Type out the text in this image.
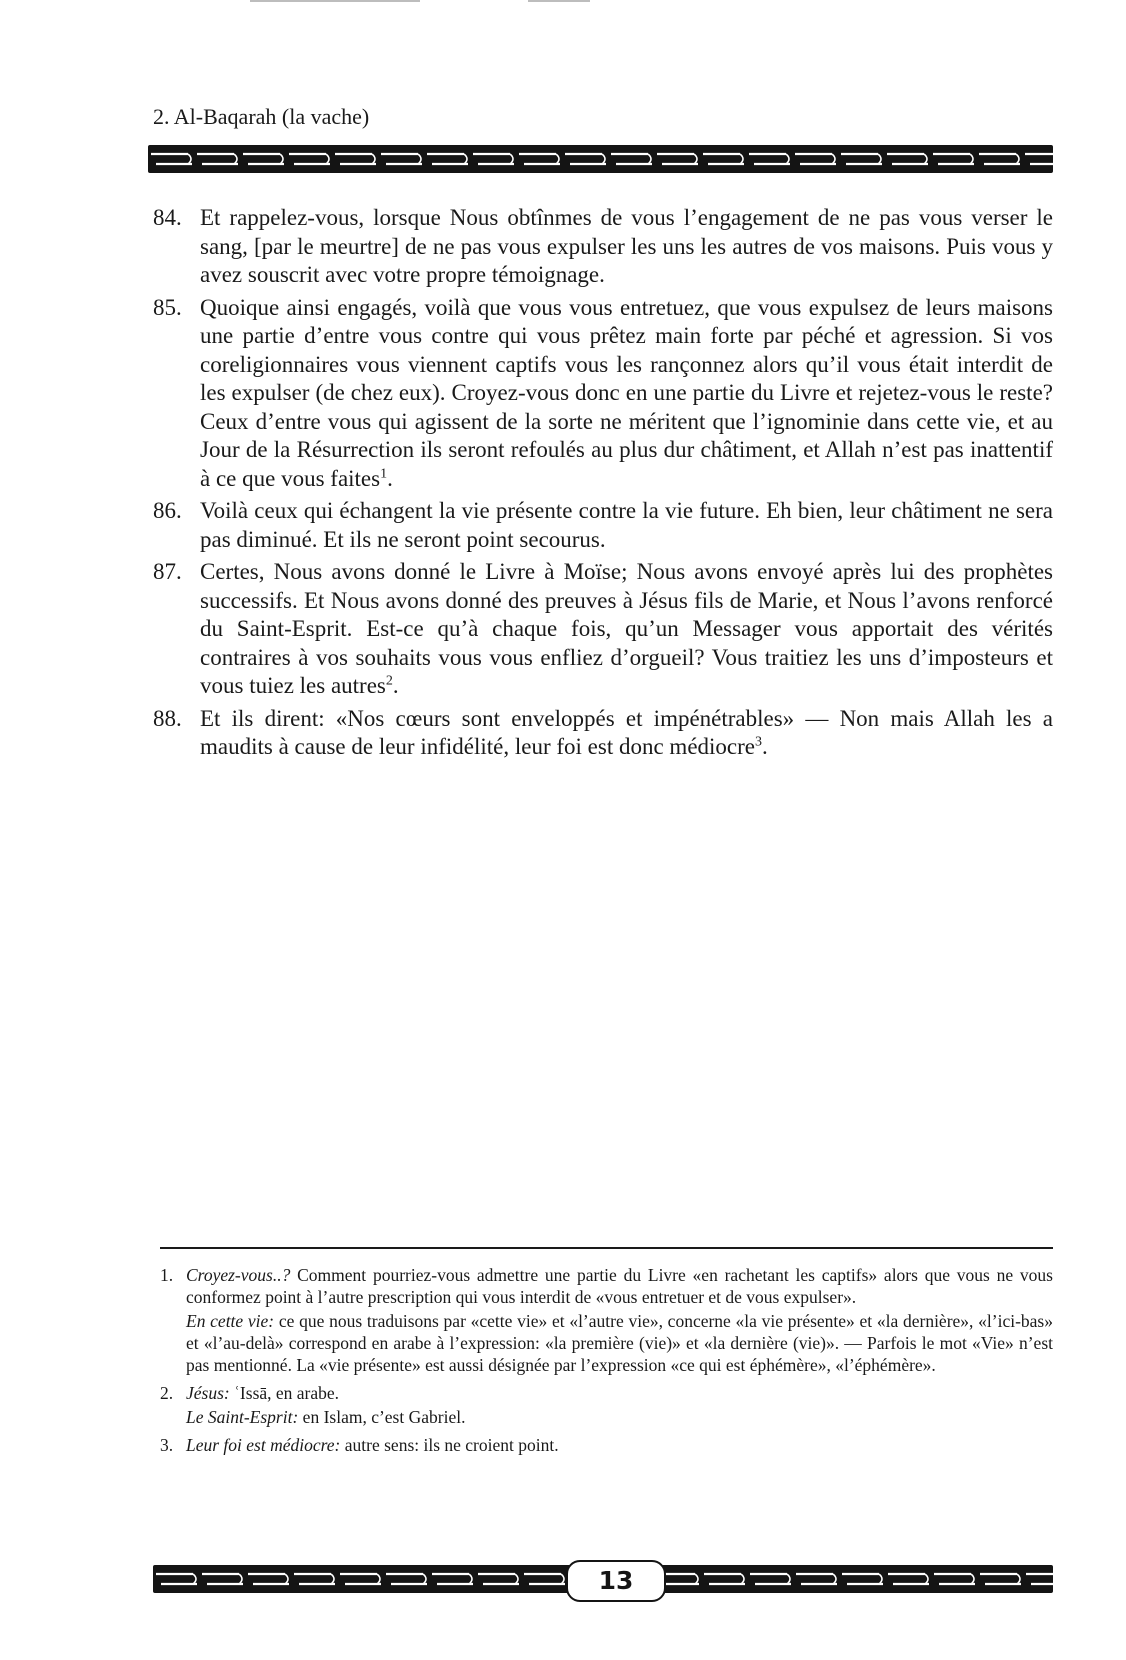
2. Al-Baqarah (la vache)
84. Et rappelez-vous, lorsque Nous obtînmes de vous l’engagement de ne pas vous verser le sang, [par le meurtre] de ne pas vous expulser les uns les autres de vos maisons. Puis vous y avez souscrit avec votre propre témoignage.
85. Quoique ainsi engagés, voilà que vous vous entretuez, que vous expulsez de leurs maisons une partie d’entre vous contre qui vous prêtez main forte par péché et agression. Si vos coreligionnaires vous viennent captifs vous les rançonnez alors qu’il vous était interdit de les expulser (de chez eux). Croyez-vous donc en une partie du Livre et rejetez-vous le reste? Ceux d’entre vous qui agissent de la sorte ne méritent que l’ignominie dans cette vie, et au Jour de la Résurrection ils seront refoulés au plus dur châtiment, et Allah n’est pas inattentif à ce que vous faites$^1$.
86. Voilà ceux qui échangent la vie présente contre la vie future. Eh bien, leur châtiment ne sera pas diminué. Et ils ne seront point secourus.
87. Certes, Nous avons donné le Livre à Moïse; Nous avons envoyé après lui des prophètes successifs. Et Nous avons donné des preuves à Jésus fils de Marie, et Nous l’avons renforcé du Saint-Esprit. Est-ce qu’à chaque fois, qu’un Messager vous apportait des vérités contraires à vos souhaits vous vous enfliez d’orgueil? Vous traitiez les uns d’imposteurs et vous tuiez les autres$^2$.
88. Et ils dirent: «Nos cœurs sont enveloppés et impénétrables» — Non mais Allah les a maudits à cause de leur infidélité, leur foi est donc médiocre$^3$.
1. Croyez-vous..? Comment pourriez-vous admettre une partie du Livre «en rachetant les captifs» alors que vous ne vous conformez point à l’autre prescription qui vous interdit de «vous entretuer et de vous expulser».

En cette vie: ce que nous traduisons par «cette vie» et «l’autre vie», concerne «la vie présente» et «la dernière», «l’ici-bas» et «l’au-delà» correspond en arabe à l’expression: «la première (vie)» et «la dernière (vie)». — Parfois le mot «Vie» n’est pas mentionné. La «vie présente» est aussi désignée par l’expression «ce qui est éphémère», «l’éphémère».

2. Jésus: ʿIssā, en arabe.

Le Saint-Esprit: en Islam, c’est Gabriel.

3. Leur foi est médiocre: autre sens: ils ne croient point.

13
